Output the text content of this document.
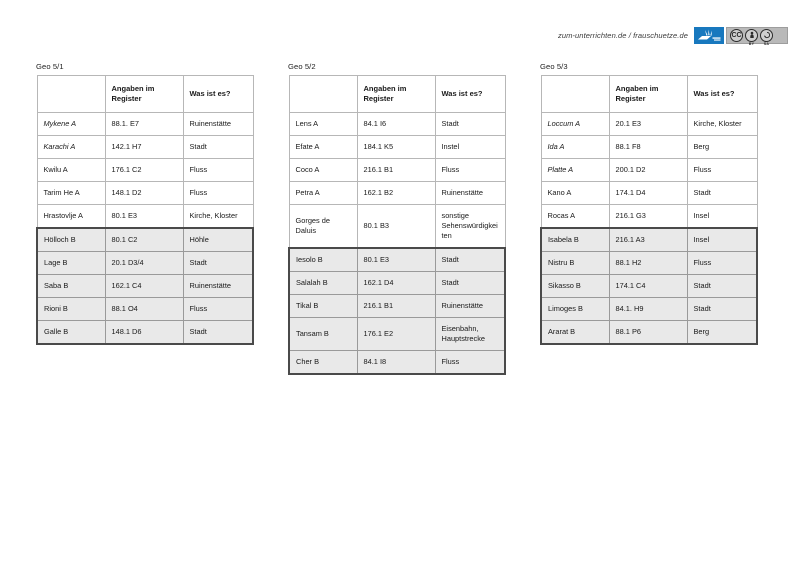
zum-unterrichten.de / frauschuetze.de	CC
BY	SA
Geo 5/1
	Angaben im Register	Was ist es?
Mykene A	88.1. E7	Ruinenstätte
Karachi A	142.1 H7	Stadt
Kwilu A	176.1 C2	Fluss
Tarim He A	148.1 D2	Fluss
Hrastovlje A	80.1 E3	Kirche, Kloster
Hölloch B	80.1 C2	Höhle
Lage B	20.1 D3/4	Stadt
Saba B	162.1 C4	Ruinenstätte
Rioni B	88.1 O4	Fluss
Galle B	148.1 D6	Stadt
Geo 5/2
	Angaben im Register	Was ist es?
Lens A	84.1 I6	Stadt
Efate A	184.1 K5	Instel
Coco A	216.1 B1	Fluss
Petra A	162.1 B2	Ruinenstätte
Gorges de Daluis	80.1 B3	sonstige Sehenswürdigkeiten
Iesolo B	80.1 E3	Stadt
Salalah B	162.1 D4	Stadt
Tikal B	216.1 B1	Ruinenstätte
Tansam B	176.1 E2	Eisenbahn, Hauptstrecke
Cher B	84.1 I8	Fluss
Geo 5/3
	Angaben im Register	Was ist es?
Loccum A	20.1 E3	Kirche, Kloster
Ida A	88.1 F8	Berg
Platte A	200.1 D2	Fluss
Kano A	174.1 D4	Stadt
Rocas A	216.1 G3	Insel
Isabela B	216.1 A3	Insel
Nistru B	88.1 H2	Fluss
Sikasso B	174.1 C4	Stadt
Limoges B	84.1. H9	Stadt
Ararat B	88.1 P6	Berg
